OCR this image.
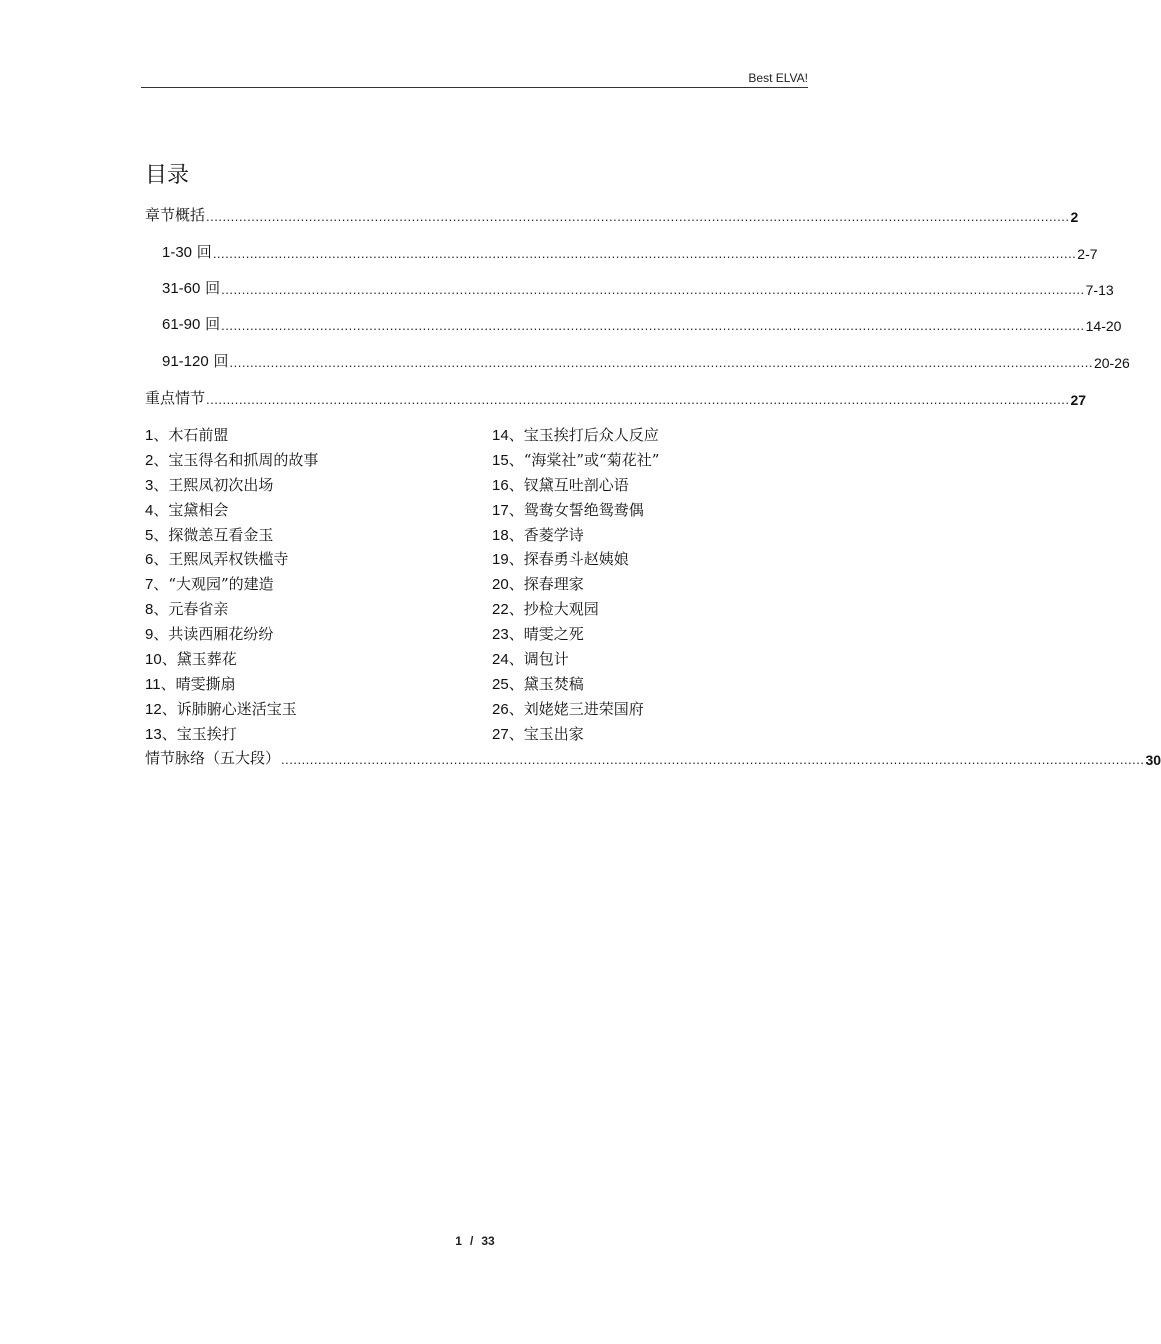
Best ELVA!
目录
章节概括 .................................................................................................................................................................................................................. 2
1-30 回 .................................................................................................................................................................................................................. 2-7
31-60 回 .................................................................................................................................................................................................................. 7-13
61-90 回 .................................................................................................................................................................................................................. 14-20
91-120 回 .................................................................................................................................................................................................................. 20-26
重点情节 .................................................................................................................................................................................................................. 27
1、木石前盟
2、宝玉得名和抓周的故事
3、王熙凤初次出场
4、宝黛相会
5、探微恙互看金玉
6、王熙凤弄权铁槛寺
7、“大观园”的建造
8、元春省亲
9、共读西厢花纷纷
10、黛玉葬花
11、晴雯撕扇
12、诉肺腑心迷活宝玉
13、宝玉挨打
14、宝玉挨打后众人反应
15、“海棠社”或“菊花社”
16、钗黛互吐剖心语
17、鸳鸯女誓绝鸳鸯偶
18、香菱学诗
19、探春勇斗赵姨娘
20、探春理家
22、抄检大观园
23、晴雯之死
24、调包计
25、黛玉焚稿
26、刘姥姥三进荣国府
27、宝玉出家
情节脉络（五大段） .................................................................................................................................................................................................................. 30
1 / 33
